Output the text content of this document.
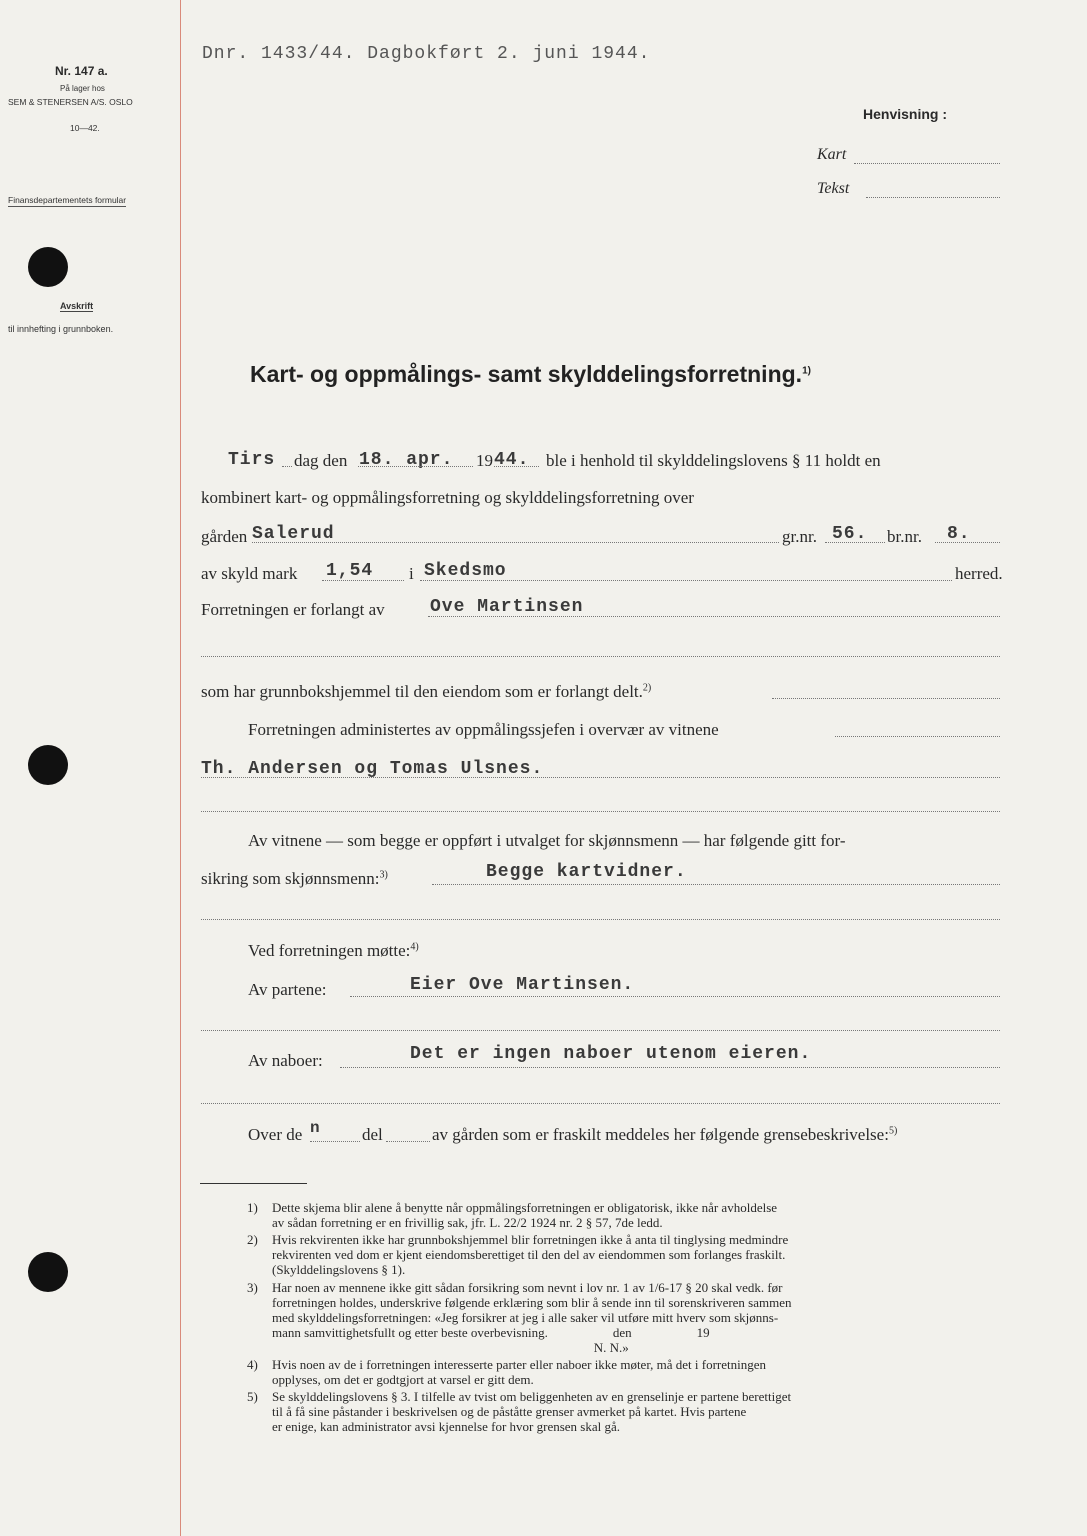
Dnr. 1433/44. Dagbokført 2. juni 1944.
Nr. 147 a.
På lager hos
SEM & STENERSEN A/S. OSLO
10—42.
Finansdepartementets formular
Avskrift
til innhefting i grunnboken.
Henvisning :
Kart
Tekst
Kart- og oppmålings- samt skylddelingsforretning.$^{1)}$
Tirs dag den 18. apr. 19 44. ble i henhold til skylddelingslovens § 11 holdt en
kombinert kart- og oppmålingsforretning og skylddelingsforretning over
gården Salerud	gr.nr. 56. br.nr. 8.
av skyld mark 1,54 i Skedsmo	herred.
Forretningen er forlangt av	Ove Martinsen
som har grunnbokshjemmel til den eiendom som er forlangt delt.$^{2)}$
Forretningen administertes av oppmålingssjefen i overvær av vitnene
Th. Andersen og Tomas Ulsnes.
Av vitnene — som begge er oppført i utvalget for skjønnsmenn — har følgende gitt for-
sikring som skjønnsmenn:$^{3)}$	Begge kartvidner.
Ved forretningen møtte:$^{4)}$
Av partene:	Eier Ove Martinsen.
Av naboer:	Det er ingen naboer utenom eieren.
Over de n del	av gården som er fraskilt meddeles her følgende grensebeskrivelse:$^{5)}$
1) Dette skjema blir alene å benytte når oppmålingsforretningen er obligatorisk, ikke når avholdelse
av sådan forretning er en frivillig sak, jfr. L. 22/2 1924 nr. 2 § 57, 7de ledd.
2) Hvis rekvirenten ikke har grunnbokshjemmel blir forretningen ikke å anta til tinglysing medmindre
rekvirenten ved dom er kjent eiendomsberettiget til den del av eiendommen som forlanges fraskilt.
(Skylddelingslovens § 1).
3) Har noen av mennene ikke gitt sådan forsikring som nevnt i lov nr. 1 av 1/6-17 § 20 skal vedk. før
forretningen holdes, underskrive følgende erklæring som blir å sende inn til sorenskriveren sammen
med skylddelingsforretningen: «Jeg forsikrer at jeg i alle saker vil utføre mitt hverv som skjønns-
mann samvittighetsfullt og etter beste overbevisning.                    den                    19
N. N.»
4) Hvis noen av de i forretningen interesserte parter eller naboer ikke møter, må det i forretningen
opplyses, om det er godtgjort at varsel er gitt dem.
5) Se skylddelingslovens § 3. I tilfelle av tvist om beliggenheten av en grenselinje er partene berettiget
til å få sine påstander i beskrivelsen og de påståtte grenser avmerket på kartet. Hvis partene
er enige, kan administrator avsi kjennelse for hvor grensen skal gå.
